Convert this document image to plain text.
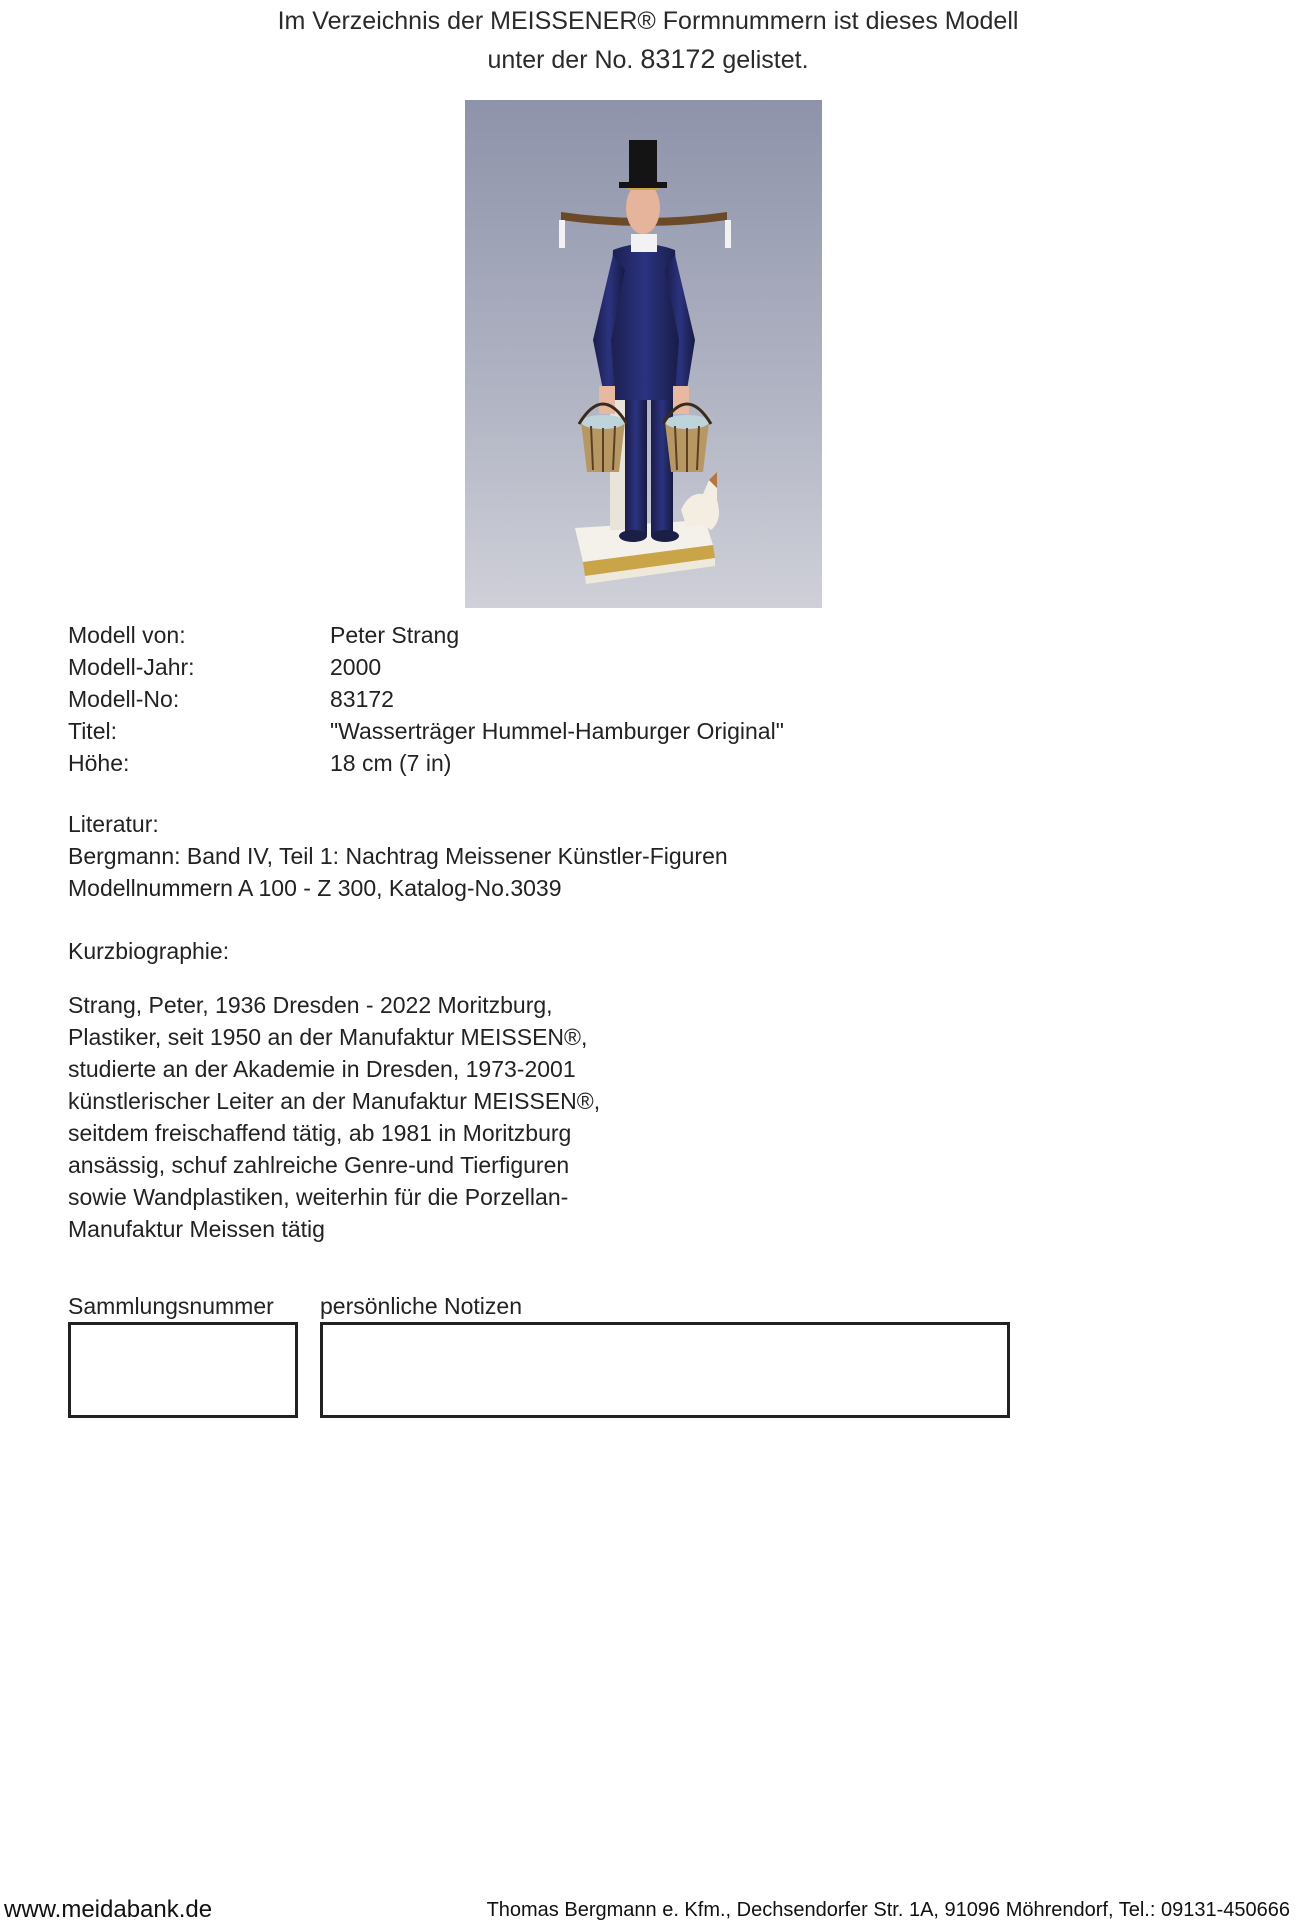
Im Verzeichnis der MEISSENER® Formnummern ist dieses Modell
unter der No. 83172 gelistet.
Modell von:	Peter Strang
Modell-Jahr:	2000
Modell-No:	83172
Titel:	"Wasserträger Hummel-Hamburger Original"
Höhe:	18 cm (7 in)
Literatur:
Bergmann: Band IV, Teil 1: Nachtrag Meissener Künstler-Figuren
Modellnummern A 100 - Z 300, Katalog-No.3039
Kurzbiographie:
Strang, Peter, 1936 Dresden - 2022 Moritzburg,
Plastiker, seit 1950 an der Manufaktur MEISSEN®,
studierte an der Akademie in Dresden, 1973-2001
künstlerischer Leiter an der Manufaktur MEISSEN®,
seitdem freischaffend tätig, ab 1981 in Moritzburg
ansässig, schuf zahlreiche Genre-und Tierfiguren
sowie Wandplastiken, weiterhin für die Porzellan-
Manufaktur Meissen tätig
Sammlungsnummer persönliche Notizen
www.meidabank.de	Thomas Bergmann e. Kfm., Dechsendorfer Str. 1A, 91096 Möhrendorf, Tel.: 09131-450666
